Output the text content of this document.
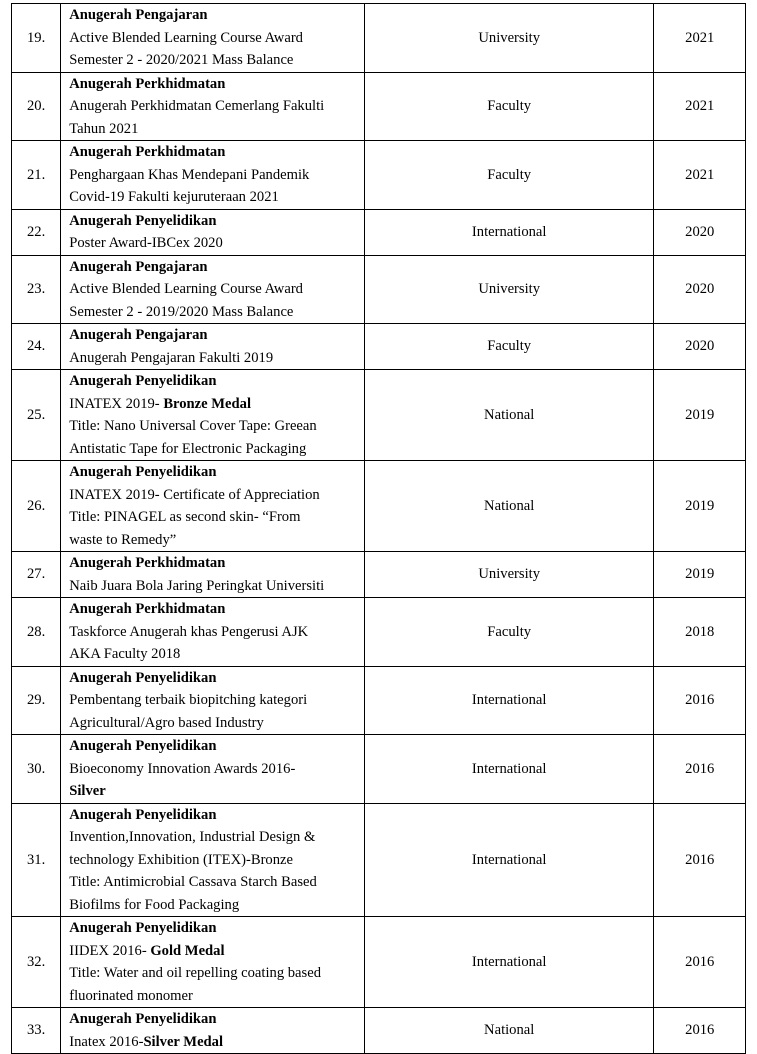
19.	Anugerah Pengajaran
Active Blended Learning Course Award
Semester 2 - 2020/2021 Mass Balance	University	2021
20.	Anugerah Perkhidmatan
Anugerah Perkhidmatan Cemerlang Fakulti
Tahun 2021	Faculty	2021
21.	Anugerah Perkhidmatan
Penghargaan Khas Mendepani Pandemik
Covid-19 Fakulti kejuruteraan 2021	Faculty	2021
22.	Anugerah Penyelidikan
Poster Award-IBCex 2020	International	2020
23.	Anugerah Pengajaran
Active Blended Learning Course Award
Semester 2 - 2019/2020 Mass Balance	University	2020
24.	Anugerah Pengajaran
Anugerah Pengajaran Fakulti 2019	Faculty	2020
25.	Anugerah Penyelidikan
INATEX 2019- Bronze Medal
Title: Nano Universal Cover Tape: Greean
Antistatic Tape for Electronic Packaging	National	2019
26.	Anugerah Penyelidikan
INATEX 2019- Certificate of Appreciation
Title: PINAGEL as second skin- “From
waste to Remedy”	National	2019
27.	Anugerah Perkhidmatan
Naib Juara Bola Jaring Peringkat Universiti	University	2019
28.	Anugerah Perkhidmatan
Taskforce Anugerah khas Pengerusi AJK
AKA Faculty 2018	Faculty	2018
29.	Anugerah Penyelidikan
Pembentang terbaik biopitching kategori
Agricultural/Agro based Industry	International	2016
30.	Anugerah Penyelidikan
Bioeconomy Innovation Awards 2016-
Silver	International	2016
31.	Anugerah Penyelidikan
Invention,Innovation, Industrial Design &
technology Exhibition (ITEX)-Bronze
Title: Antimicrobial Cassava Starch Based
Biofilms for Food Packaging	International	2016
32.	Anugerah Penyelidikan
IIDEX 2016- Gold Medal
Title: Water and oil repelling coating based
fluorinated monomer	International	2016
33.	Anugerah Penyelidikan
Inatex 2016-Silver Medal	National	2016
